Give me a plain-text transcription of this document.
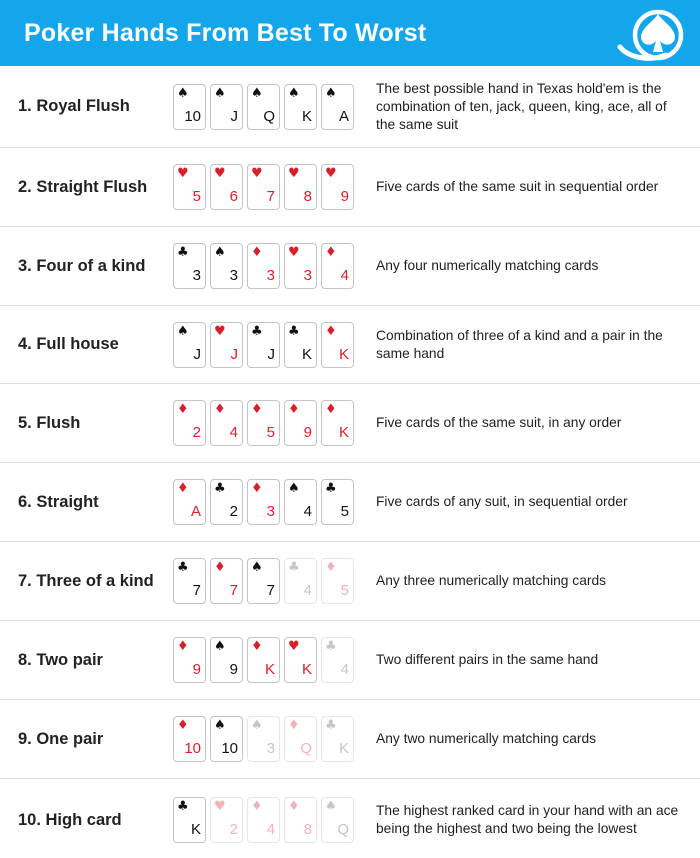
Poker Hands From Best To Worst
1. Royal Flush
♠
10
♠
J
♠
Q
♠
K
♠
A
The best possible hand in Texas hold'em is the combination of ten, jack, queen, king, ace, all of the same suit
2. Straight Flush
♥
5
♥
6
♥
7
♥
8
♥
9
Five cards of the same suit in sequential order
3. Four of a kind
♣
3
♠
3
♦
3
♥
3
♦
4
Any four numerically matching cards
4. Full house
♠
J
♥
J
♣
J
♣
K
♦
K
Combination of three of a kind and a pair in the same hand
5. Flush
♦
2
♦
4
♦
5
♦
9
♦
K
Five cards of the same suit, in any order
6. Straight
♦
A
♣
2
♦
3
♠
4
♣
5
Five cards of any suit, in sequential order
7. Three of a kind
♣
7
♦
7
♠
7
♣
4
♦
5
Any three numerically matching cards
8. Two pair
♦
9
♠
9
♦
K
♥
K
♣
4
Two different pairs in the same hand
9. One pair
♦
10
♠
10
♠
3
♦
Q
♣
K
Any two numerically matching cards
10. High card
♣
K
♥
2
♦
4
♦
8
♠
Q
The highest ranked card in your hand with an ace being the highest and two being the lowest
